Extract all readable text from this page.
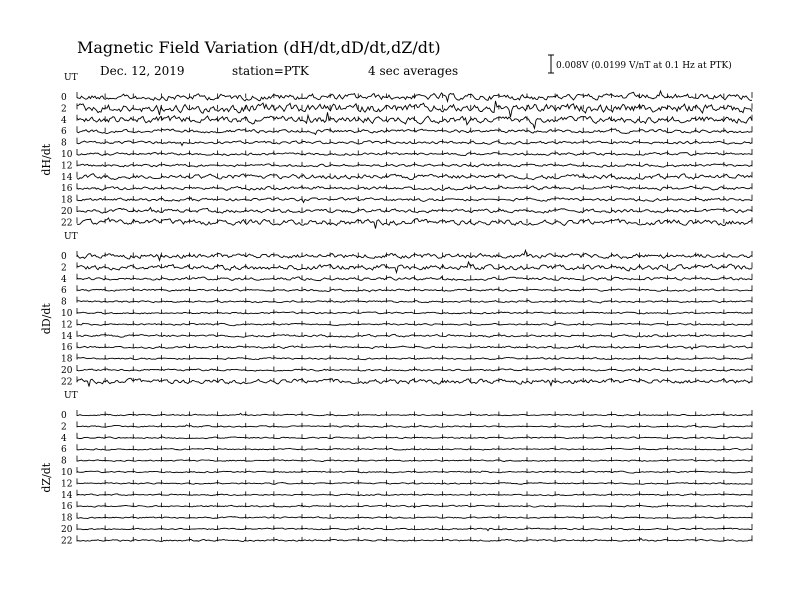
Magnetic Field Variation (dH/dt,dD/dt,dZ/dt)
Dec. 12, 2019	station=PTK	4 sec averages	0.008V (0.0199 V/nT at 0.1 Hz at PTK)
UT
dH/dt
0
2
4
6
8
10
12
14
16
18
20
22
UT
dD/dt
0
2
4
6
8
10
12
14
16
18
20
22
UT
dZ/dt
0
2
4
6
8
10
12
14
16
18
20
22
